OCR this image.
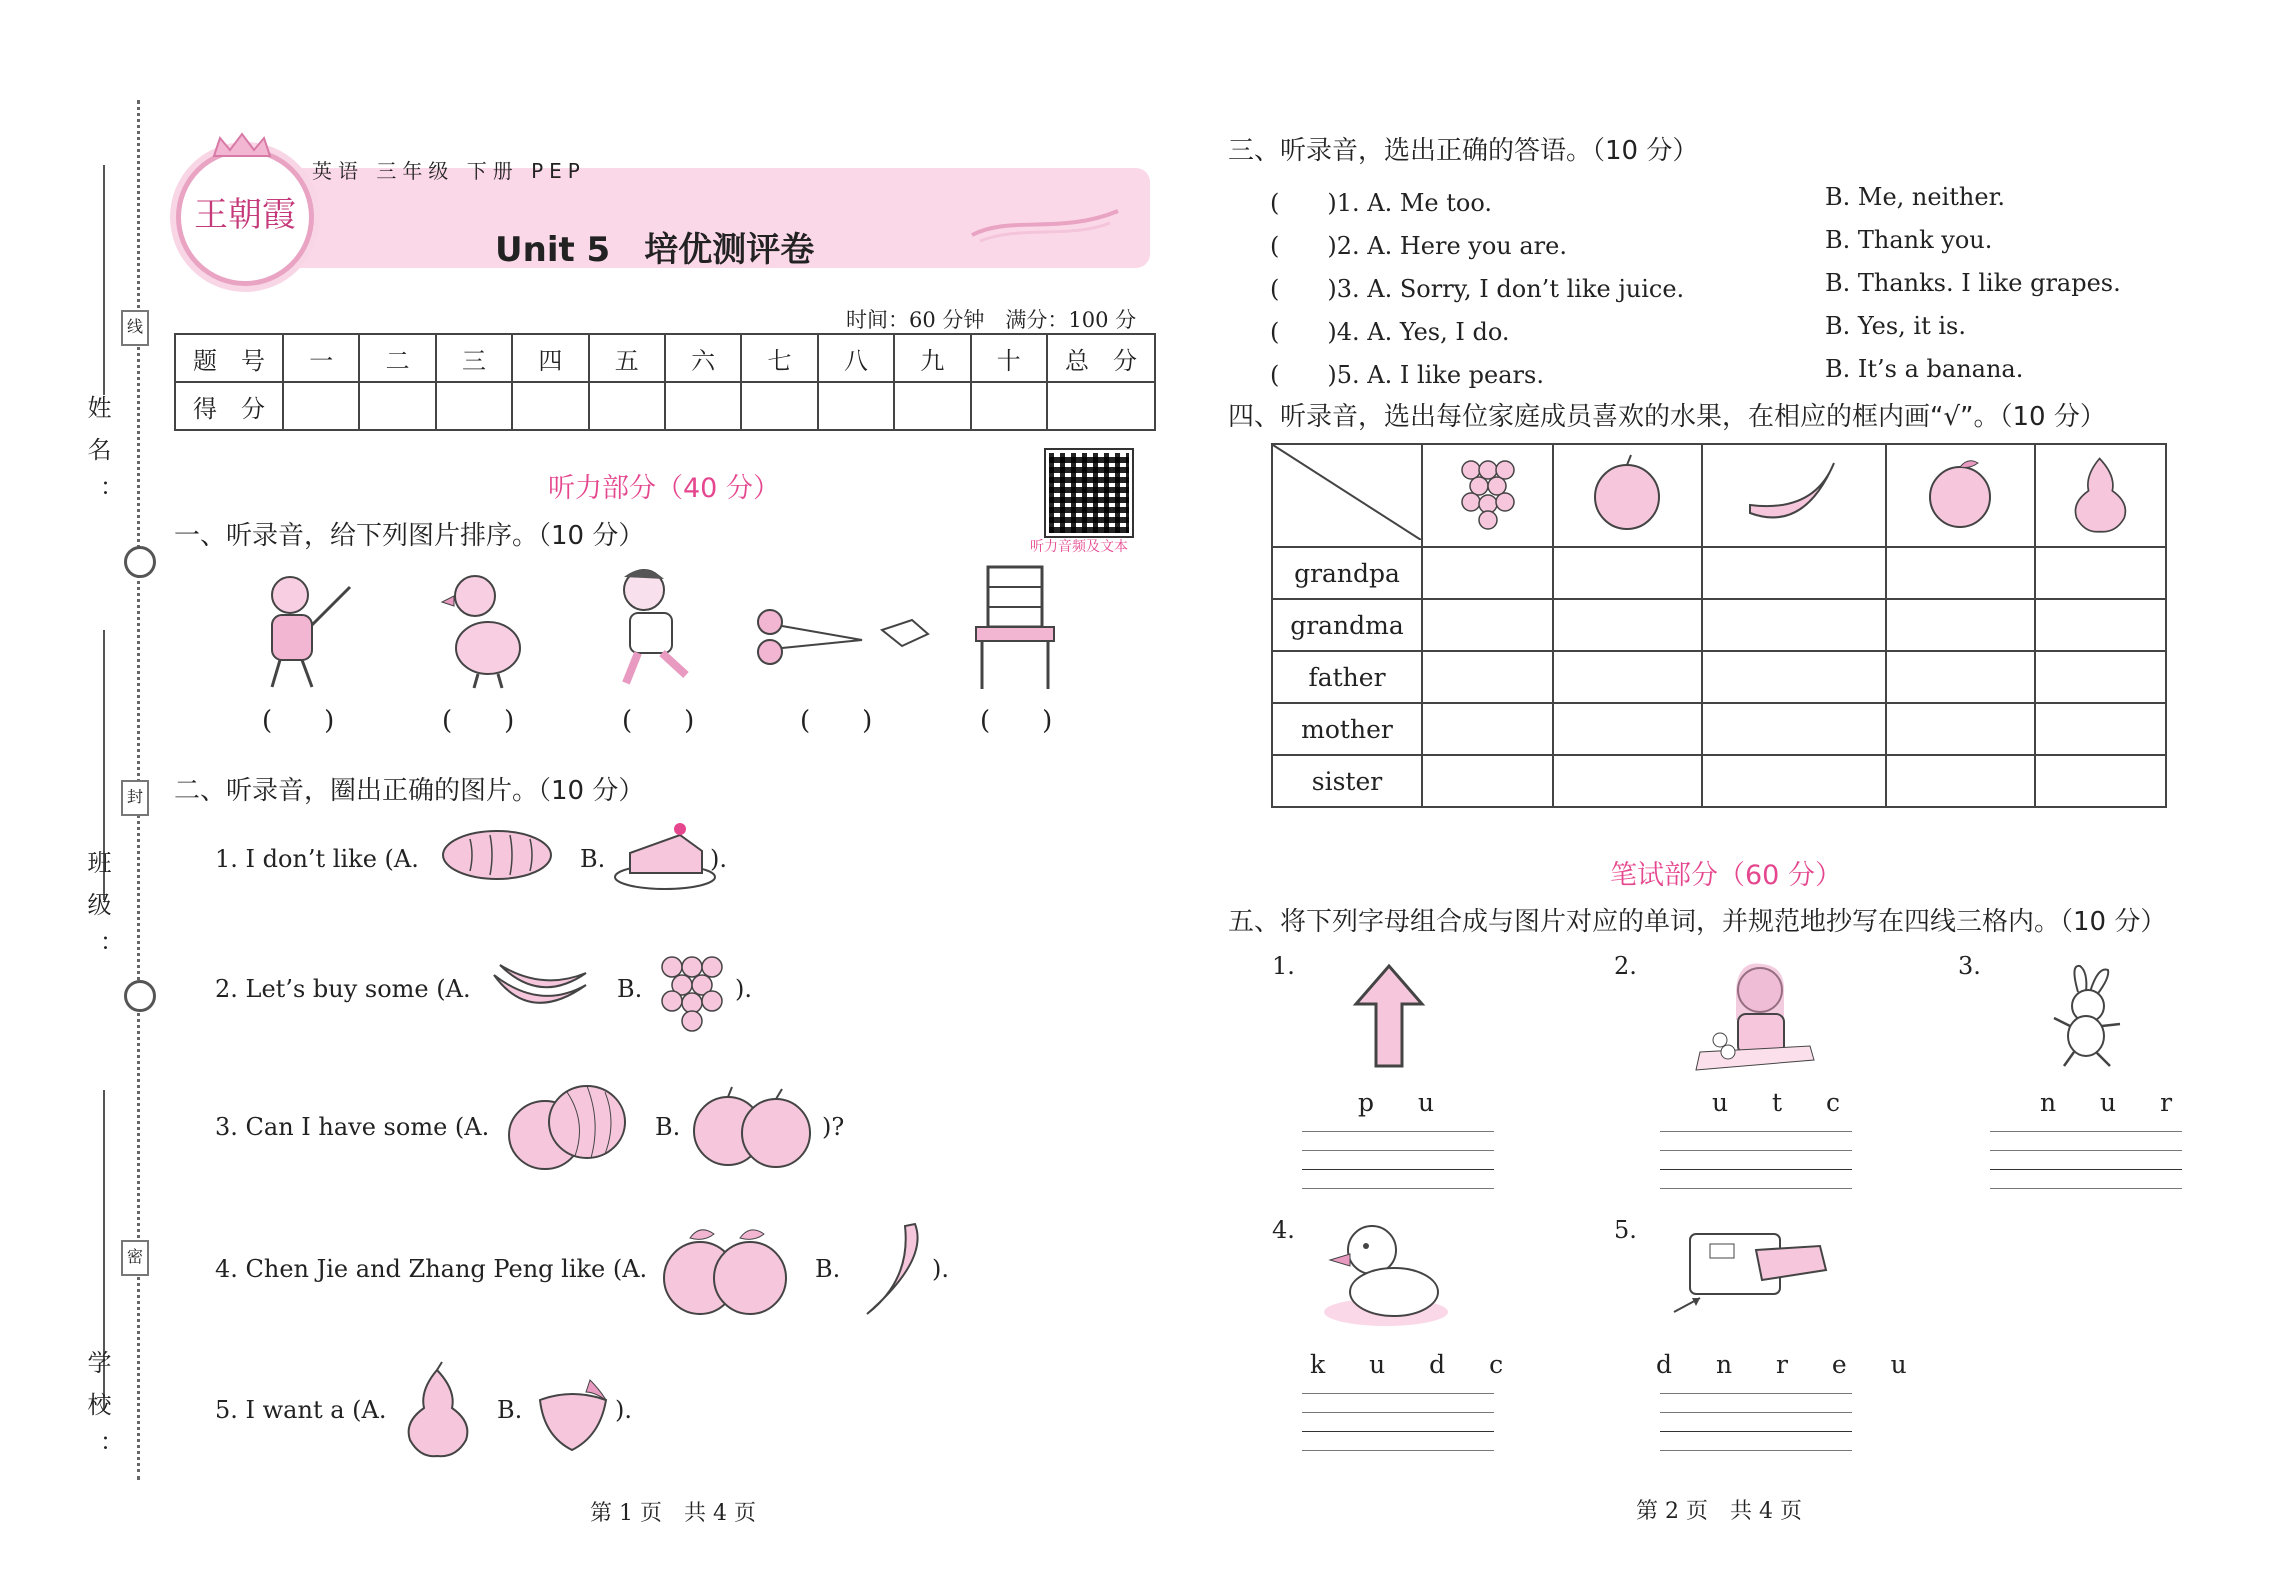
姓名：
班级：
学校：
线
封
密
王朝霞
英语 三年级 下册 PEP
Unit 5　培优测评卷
时间：60 分钟　满分：100 分
题　号	一	二	三	四	五	六	七	八	九	十	总　分
得　分											
听力部分（40 分）
听力音频及文本
一、听录音，给下列图片排序。（10 分）
(　　)	(　　)	(　　)	(　　)	(　　)
二、听录音，圈出正确的图片。（10 分）
1. I don’t like (A.	B.	).
2. Let’s buy some (A.	B.	).
3. Can I have some (A.	B.	)?
4. Chen Jie and Zhang Peng like (A.	B.	).
5. I want a (A.	B.	).
第 1 页　共 4 页
三、听录音，选出正确的答语。（10 分）
(　　)1. A. Me too.	B. Me, neither.
(　　)2. A. Here you are.	B. Thank you.
(　　)3. A. Sorry, I don’t like juice.	B. Thanks. I like grapes.
(　　)4. A. Yes, I do.	B. Yes, it is.
(　　)5. A. I like pears.	B. It’s a banana.
四、听录音，选出每位家庭成员喜欢的水果，在相应的框内画“√”。（10 分）

grandpa					
grandma					
father					
mother					
sister					
笔试部分（60 分）
五、将下列字母组合成与图片对应的单词，并规范地抄写在四线三格内。（10 分）
1.
p u
2.
u t c
3.
n u r
4.
k u d c
5.
d n r e u
第 2 页　共 4 页
